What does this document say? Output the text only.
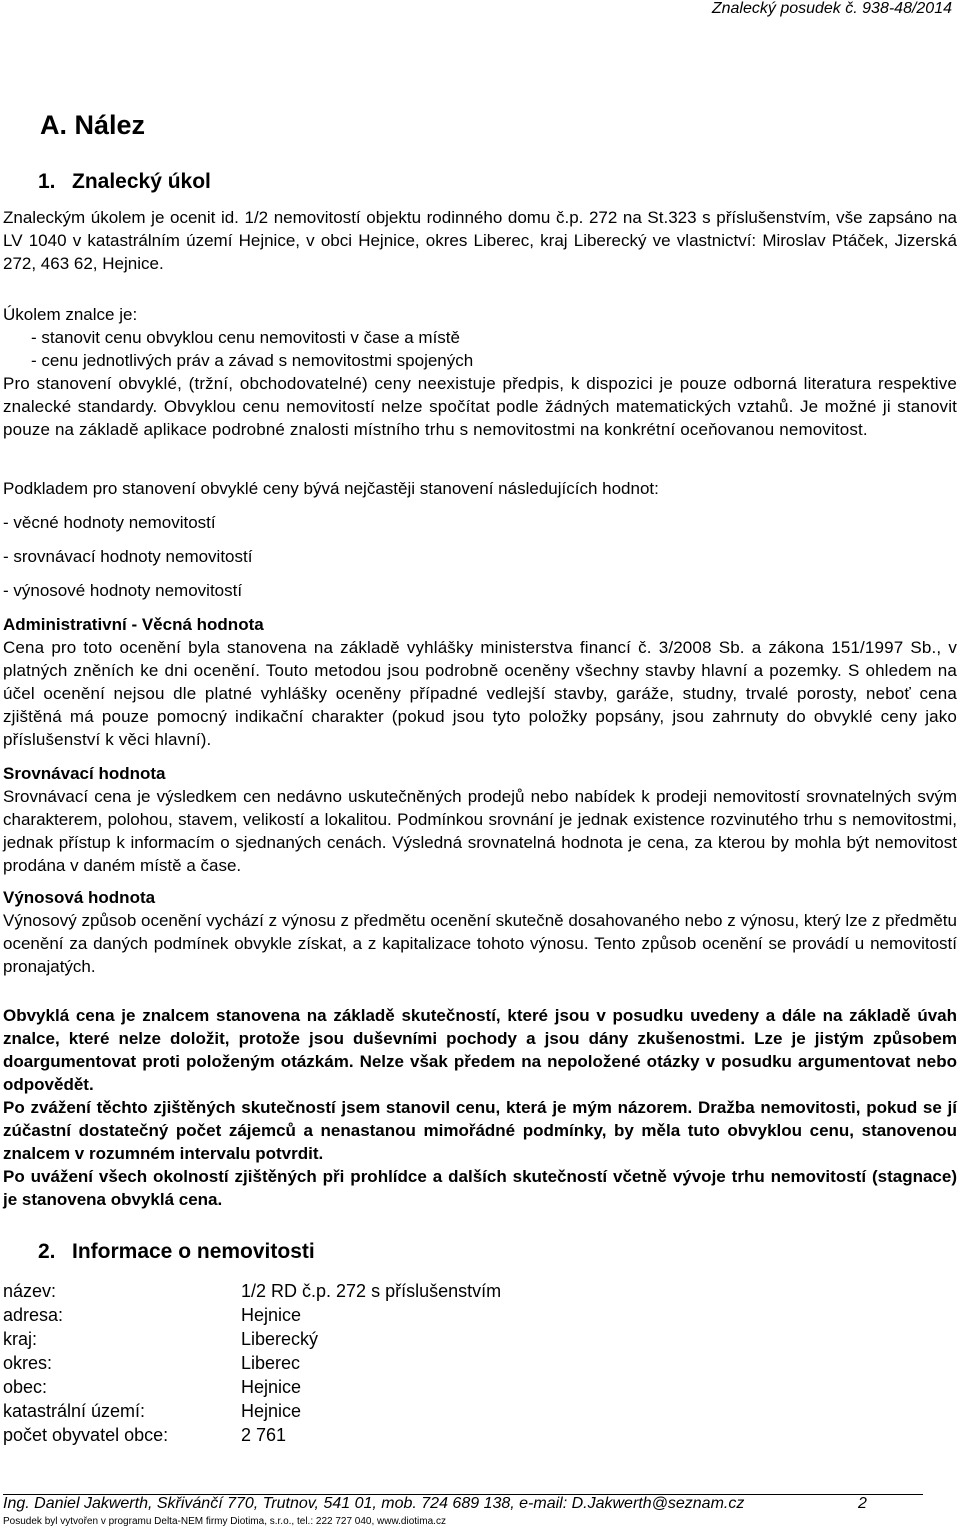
Znalecký posudek č. 938-48/2014
A. Nález
1. Znalecký úkol

Znaleckým úkolem je ocenit id. 1/2 nemovitostí objektu rodinného domu č.p. 272 na St.323 s příslušenstvím, vše zapsáno na LV 1040 v katastrálním území Hejnice, v obci Hejnice, okres Liberec, kraj Liberecký ve vlastnictví: Miroslav Ptáček, Jizerská 272, 463 62, Hejnice.

Úkolem znalce je:
- stanovit cenu obvyklou cenu nemovitosti v čase a místě
- cenu jednotlivých práv a závad s nemovitostmi spojených

Pro stanovení obvyklé, (tržní, obchodovatelné) ceny neexistuje předpis, k dispozici je pouze odborná literatura respektive znalecké standardy. Obvyklou cenu nemovitostí nelze spočítat podle žádných matematických vztahů. Je možné ji stanovit pouze na základě aplikace podrobné znalosti místního trhu s nemovitostmi na konkrétní oceňovanou nemovitost.

Podkladem pro stanovení obvyklé ceny bývá nejčastěji stanovení následujících hodnot:
- věcné hodnoty nemovitostí
- srovnávací hodnoty nemovitostí
- výnosové hodnoty nemovitostí
Administrativní - Věcná hodnota

Cena pro toto ocenění byla stanovena na základě vyhlášky ministerstva financí č. 3/2008 Sb. a zákona 151/1997 Sb., v platných zněních ke dni ocenění. Touto metodou jsou podrobně oceněny všechny stavby hlavní a pozemky. S ohledem na účel ocenění nejsou dle platné vyhlášky oceněny případné vedlejší stavby, garáže, studny, trvalé porosty, neboť cena zjištěná má pouze pomocný indikační charakter (pokud jsou tyto položky popsány, jsou zahrnuty do obvyklé ceny jako příslušenství k věci hlavní).

Srovnávací hodnota

Srovnávací cena je výsledkem cen nedávno uskutečněných prodejů nebo nabídek k prodeji nemovitostí srovnatelných svým charakterem, polohou, stavem, velikostí a lokalitou. Podmínkou srovnání je jednak existence rozvinutého trhu s nemovitostmi, jednak přístup k informacím o sjednaných cenách. Výsledná srovnatelná hodnota je cena, za kterou by mohla být nemovitost prodána v daném místě a čase.

Výnosová hodnota

Výnosový způsob ocenění vychází z výnosu z předmětu ocenění skutečně dosahovaného nebo z výnosu, který lze z předmětu ocenění za daných podmínek obvykle získat, a z kapitalizace tohoto výnosu. Tento způsob ocenění se provádí u nemovitostí pronajatých.

Obvyklá cena je znalcem stanovena na základě skutečností, které jsou v posudku uvedeny a dále na základě úvah znalce, které nelze doložit, protože jsou duševními pochody a jsou dány zkušenostmi. Lze je jistým způsobem doargumentovat proti položeným otázkám. Nelze však předem na nepoložené otázky v posudku argumentovat nebo odpovědět.

Po zvážení těchto zjištěných skutečností jsem stanovil cenu, která je mým názorem. Dražba nemovitosti, pokud se jí zúčastní dostatečný počet zájemců a nenastanou mimořádné podmínky, by měla tuto obvyklou cenu, stanovenou znalcem v rozumném intervalu potvrdit.

Po uvážení všech okolností zjištěných při prohlídce a dalších skutečností včetně vývoje trhu nemovitostí (stagnace) je stanovena obvyklá cena.

2. Informace o nemovitosti
název:	1/2 RD č.p. 272 s příslušenstvím
adresa:	Hejnice
kraj:	Liberecký
okres:	Liberec
obec:	Hejnice
katastrální území:	Hejnice
počet obyvatel obce:	2 761
Ing. Daniel Jakwerth, Skřivánčí 770, Trutnov, 541 01, mob. 724 689 138, e-mail: D.Jakwerth@seznam.cz	2
Posudek byl vytvořen v programu Delta-NEM firmy Diotima, s.r.o., tel.: 222 727 040, www.diotima.cz
